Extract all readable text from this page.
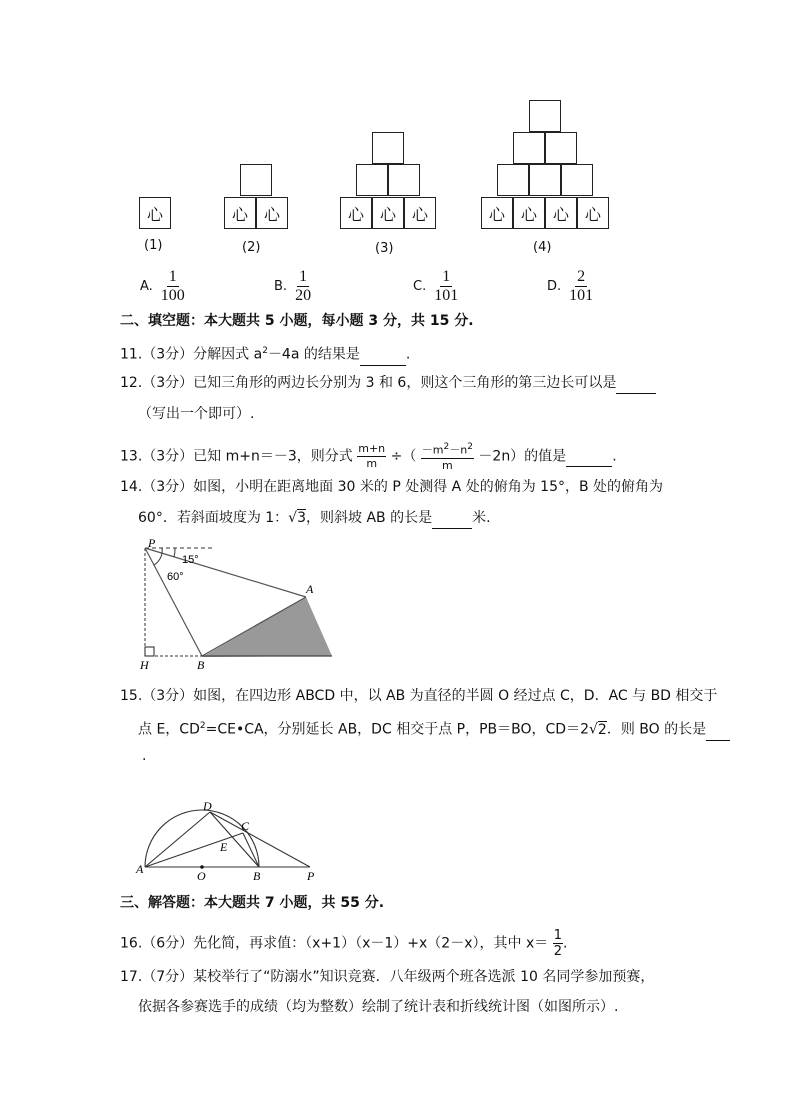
心	心 心	心 心 心	心 心 心 心
(1)	(2)	(3)	(4)
A. $\frac{1}{100}$	B. $\frac{1}{20}$	C. $\frac{1}{101}$	D. $\frac{2}{101}$
二、填空题：本大题共 5 小题，每小题 3 分，共 15 分.
11.（3分）分解因式 $a^2-4a$ 的结果是	.
12.（3分）已知三角形的两边长分别为 3 和 6，则这个三角形的第三边长可以是
（写出一个即可）.
13.（3分）已知 m+n＝－3，则分式 $\frac{m+n}{m}$ ÷（ $\frac{-m^2-n^2}{m} -2n$）的值是	.
14.（3分）如图，小明在距离地面 30 米的 P 处测得 A 处的俯角为 15°，B 处的俯角为
60°．若斜面坡度为 1：√3，则斜坡 AB 的长是	米.
P
15°
60°
A
H	B
15.（3分）如图，在四边形 ABCD 中，以 AB 为直径的半圆 O 经过点 C，D．AC 与 BD 相交于
点 E，$CD^2=CE•CA$，分别延长 AB，DC 相交于点 P，PB＝BO，CD＝2√2．则 BO 的长是
.
D
C
E
A	O	B	P
三、解答题：本大题共 7 小题，共 55 分.
16.（6分）先化简，再求值：（x+1）（x－1）+x（2－x），其中 $x= \frac{1}{2}$ .
17.（7分）某校举行了“防溺水”知识竞赛．八年级两个班各选派 10 名同学参加预赛，
依据各参赛选手的成绩（均为整数）绘制了统计表和折线统计图（如图所示）.
